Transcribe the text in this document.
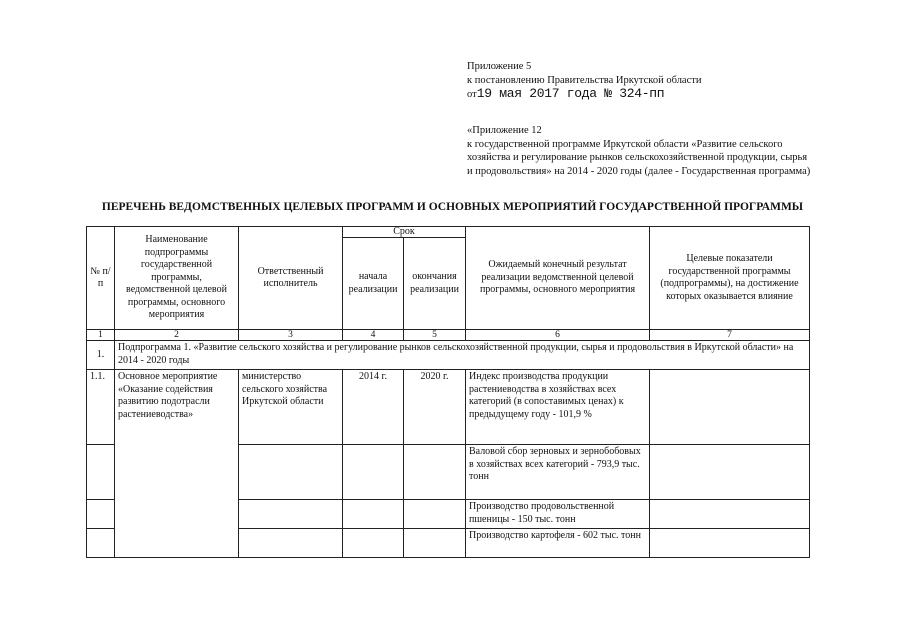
Приложение 5
к постановлению Правительства Иркутской области
от19 мая 2017 года № 324-пп
«Приложение 12
к государственной программе Иркутской области «Развитие сельского хозяйства и регулирование рынков сельскохозяйственной продукции, сырья и продовольствия» на 2014 - 2020 годы (далее - Государственная программа)
ПЕРЕЧЕНЬ ВЕДОМСТВЕННЫХ ЦЕЛЕВЫХ ПРОГРАММ И ОСНОВНЫХ МЕРОПРИЯТИЙ ГОСУДАРСТВЕННОЙ ПРОГРАММЫ
№ п/п	Наименование подпрограммы государственной программы, ведомственной целевой программы, основного мероприятия	Ответственный исполнитель	Срок		Ожидаемый конечный результат реализации ведомственной целевой программы, основного мероприятия	Целевые показатели государственной программы (подпрограммы), на достижение которых оказывается влияние
			начала реализации	окончания реализации		
1	2	3	4	5	6	7
1.	Подпрограмма 1. «Развитие сельского хозяйства и регулирование рынков сельскохозяйственной продукции, сырья и продовольствия в Иркутской области» на 2014 - 2020 годы					
1.1.	Основное мероприятие «Оказание содействия развитию подотрасли растениеводства»	министерство сельского хозяйства Иркутской области	2014 г.	2020 г.	Индекс производства продукции растениеводства в хозяйствах всех категорий (в сопоставимых ценах) к предыдущему году - 101,9 %	
					Валовой сбор зерновых и зернобобовых в хозяйствах всех категорий - 793,9 тыс. тонн	
					Производство продовольственной пшеницы - 150 тыс. тонн	
					Производство картофеля - 602 тыс. тонн	
